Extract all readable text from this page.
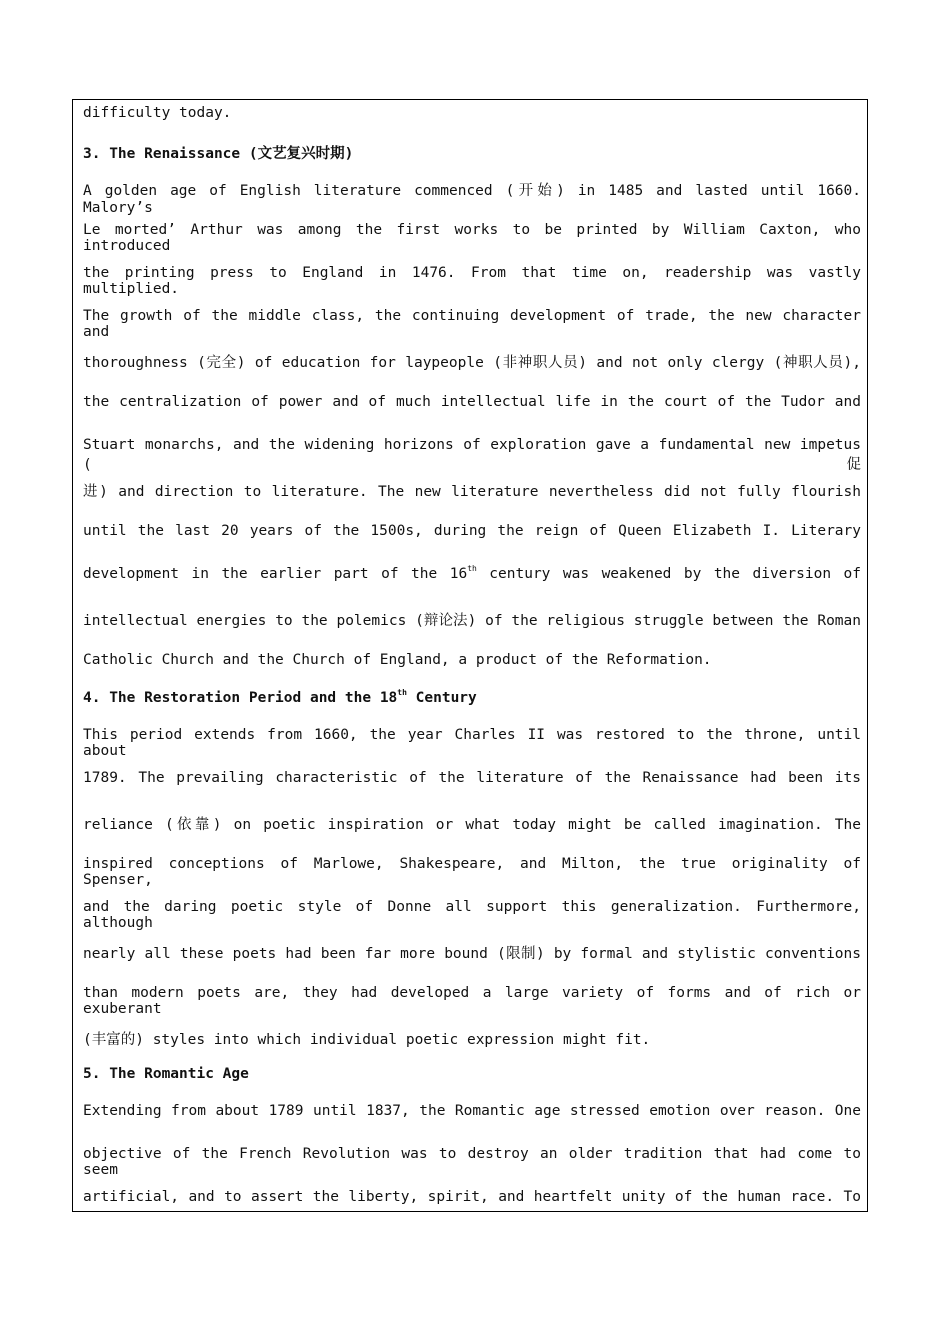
difficulty today.
3. The Renaissance (文艺复兴时期)
A golden age of English literature commenced (开始) in 1485 and lasted until 1660. Malory’s
Le morted’ Arthur was among the first works to be printed by William Caxton, who introduced
the printing press to England in 1476. From that time on, readership was vastly multiplied.
The growth of the middle class, the continuing development of trade, the new character and
thoroughness (完全) of education for laypeople (非神职人员) and not only clergy (神职人员),
the centralization of power and of much intellectual life in the court of the Tudor and
Stuart monarchs, and the widening horizons of exploration gave a fundamental new impetus (促
进) and direction to literature. The new literature nevertheless did not fully flourish
until the last 20 years of the 1500s, during the reign of Queen Elizabeth I. Literary
development in the earlier part of the 16th century was weakened by the diversion of
intellectual energies to the polemics (辩论法) of the religious struggle between the Roman
Catholic Church and the Church of England, a product of the Reformation.
4. The Restoration Period and the 18th Century
This period extends from 1660, the year Charles II was restored to the throne, until about
1789. The prevailing characteristic of the literature of the Renaissance had been its
reliance (依靠) on poetic inspiration or what today might be called imagination. The
inspired conceptions of Marlowe, Shakespeare, and Milton, the true originality of Spenser,
and the daring poetic style of Donne all support this generalization. Furthermore, although
nearly all these poets had been far more bound (限制) by formal and stylistic conventions
than modern poets are, they had developed a large variety of forms and of rich or exuberant
(丰富的) styles into which individual poetic expression might fit.
5. The Romantic Age
Extending from about 1789 until 1837, the Romantic age stressed emotion over reason. One
objective of the French Revolution was to destroy an older tradition that had come to seem
artificial, and to assert the liberty, spirit, and heartfelt unity of the human race. To
